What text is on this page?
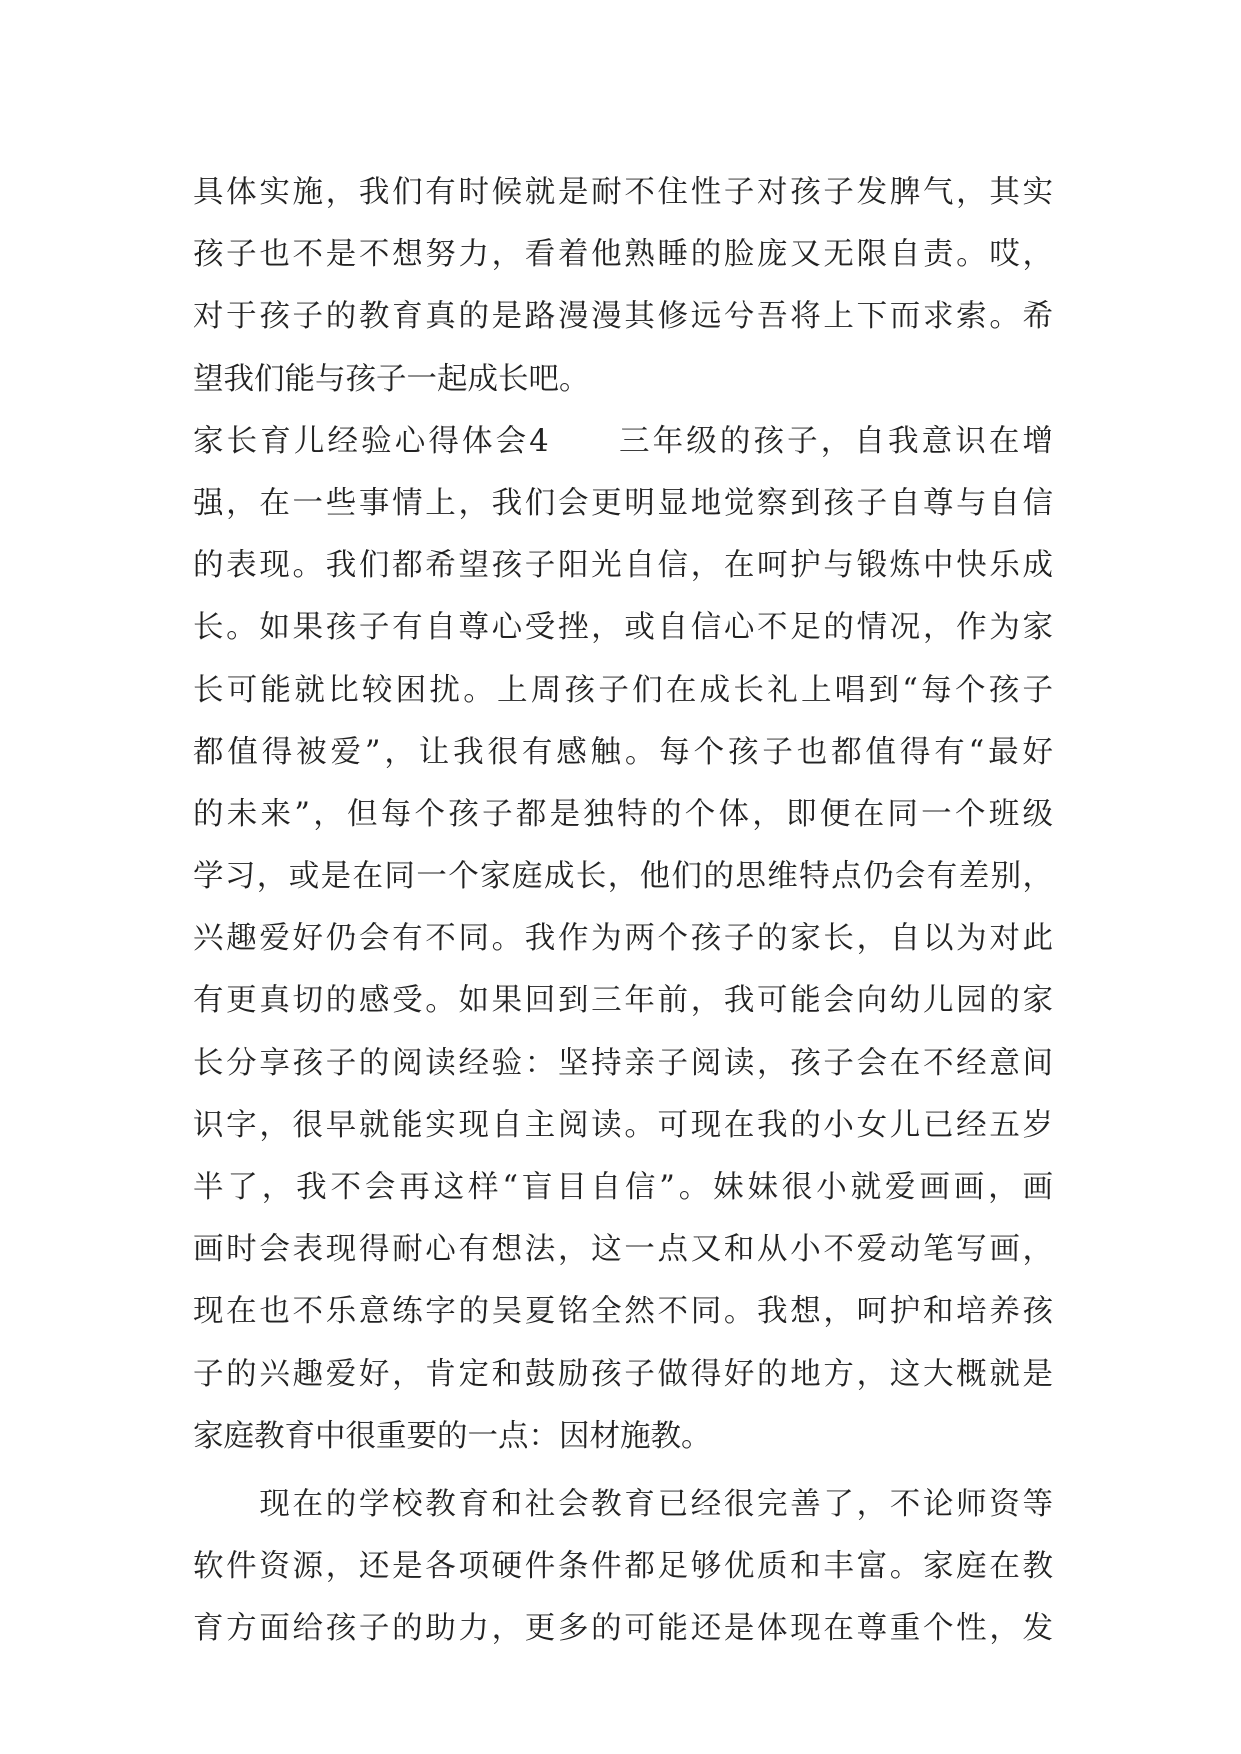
具体实施，我们有时候就是耐不住性子对孩子发脾气，其实
孩子也不是不想努力，看着他熟睡的脸庞又无限自责。哎，
对于孩子的教育真的是路漫漫其修远兮吾将上下而求索。希
望我们能与孩子一起成长吧。
家长育儿经验心得体会4　　三年级的孩子，自我意识在增
强，在一些事情上，我们会更明显地觉察到孩子自尊与自信
的表现。我们都希望孩子阳光自信，在呵护与锻炼中快乐成
长。如果孩子有自尊心受挫，或自信心不足的情况，作为家
长可能就比较困扰。上周孩子们在成长礼上唱到“每个孩子
都值得被爱”，让我很有感触。每个孩子也都值得有“最好
的未来”，但每个孩子都是独特的个体，即便在同一个班级
学习，或是在同一个家庭成长，他们的思维特点仍会有差别，
兴趣爱好仍会有不同。我作为两个孩子的家长，自以为对此
有更真切的感受。如果回到三年前，我可能会向幼儿园的家
长分享孩子的阅读经验：坚持亲子阅读，孩子会在不经意间
识字，很早就能实现自主阅读。可现在我的小女儿已经五岁
半了，我不会再这样“盲目自信”。妹妹很小就爱画画，画
画时会表现得耐心有想法，这一点又和从小不爱动笔写画，
现在也不乐意练字的吴夏铭全然不同。我想，呵护和培养孩
子的兴趣爱好，肯定和鼓励孩子做得好的地方，这大概就是
家庭教育中很重要的一点：因材施教。
　　现在的学校教育和社会教育已经很完善了，不论师资等
软件资源，还是各项硬件条件都足够优质和丰富。家庭在教
育方面给孩子的助力，更多的可能还是体现在尊重个性，发
